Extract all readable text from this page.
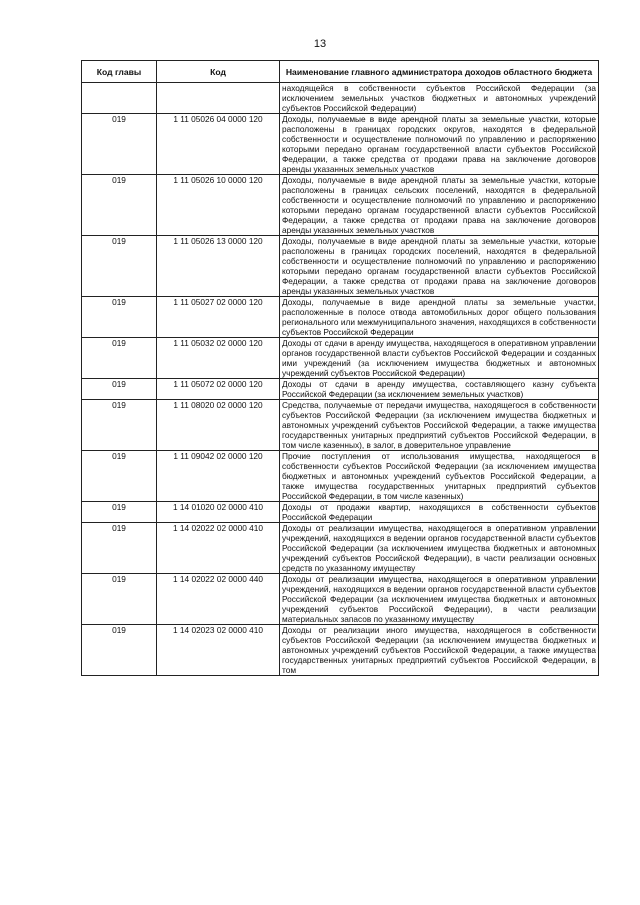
13
Код главы	Код	Наименование главного администратора доходов областного бюджета
		находящейся в собственности субъектов Российской Федерации (за исключением земельных участков бюджетных и автономных учреждений субъектов Российской Федерации)
019	1 11 05026 04 0000 120	Доходы, получаемые в виде арендной платы за земельные участки, которые расположены в границах городских округов, находятся в федеральной собственности и осуществление полномочий по управлению и распоряжению которыми передано органам государственной власти субъектов Российской Федерации, а также средства от продажи права на заключение договоров аренды указанных земельных участков
019	1 11 05026 10 0000 120	Доходы, получаемые в виде арендной платы за земельные участки, которые расположены в границах сельских поселений, находятся в федеральной собственности и осуществление полномочий по управлению и распоряжению которыми передано органам государственной власти субъектов Российской Федерации, а также средства от продажи права на заключение договоров аренды указанных земельных участков
019	1 11 05026 13 0000 120	Доходы, получаемые в виде арендной платы за земельные участки, которые расположены в границах городских поселений, находятся в федеральной собственности и осуществление полномочий по управлению и распоряжению которыми передано органам государственной власти субъектов Российской Федерации, а также средства от продажи права на заключение договоров аренды указанных земельных участков
019	1 11 05027 02 0000 120	Доходы, получаемые в виде арендной платы за земельные участки, расположенные в полосе отвода автомобильных дорог общего пользования регионального или межмуниципального значения, находящихся в собственности субъектов Российской Федерации
019	1 11 05032 02 0000 120	Доходы от сдачи в аренду имущества, находящегося в оперативном управлении органов государственной власти субъектов Российской Федерации и созданных ими учреждений (за исключением имущества бюджетных и автономных учреждений субъектов Российской Федерации)
019	1 11 05072 02 0000 120	Доходы от сдачи в аренду имущества, составляющего казну субъекта Российской Федерации (за исключением земельных участков)
019	1 11 08020 02 0000 120	Средства, получаемые от передачи имущества, находящегося в собственности субъектов Российской Федерации (за исключением имущества бюджетных и автономных учреждений субъектов Российской Федерации, а также имущества государственных унитарных предприятий субъектов Российской Федерации, в том числе казенных), в залог, в доверительное управление
019	1 11 09042 02 0000 120	Прочие поступления от использования имущества, находящегося в собственности субъектов Российской Федерации (за исключением имущества бюджетных и автономных учреждений субъектов Российской Федерации, а также имущества государственных унитарных предприятий субъектов Российской Федерации, в том числе казенных)
019	1 14 01020 02 0000 410	Доходы от продажи квартир, находящихся в собственности субъектов Российской Федерации
019	1 14 02022 02 0000 410	Доходы от реализации имущества, находящегося в оперативном управлении учреждений, находящихся в ведении органов государственной власти субъектов Российской Федерации (за исключением имущества бюджетных и автономных учреждений субъектов Российской Федерации), в части реализации основных средств по указанному имуществу
019	1 14 02022 02 0000 440	Доходы от реализации имущества, находящегося в оперативном управлении учреждений, находящихся в ведении органов государственной власти субъектов Российской Федерации (за исключением имущества бюджетных и автономных учреждений субъектов Российской Федерации), в части реализации материальных запасов по указанному имуществу
019	1 14 02023 02 0000 410	Доходы от реализации иного имущества, находящегося в собственности субъектов Российской Федерации (за исключением имущества бюджетных и автономных учреждений субъектов Российской Федерации, а также имущества государственных унитарных предприятий субъектов Российской Федерации, в том
